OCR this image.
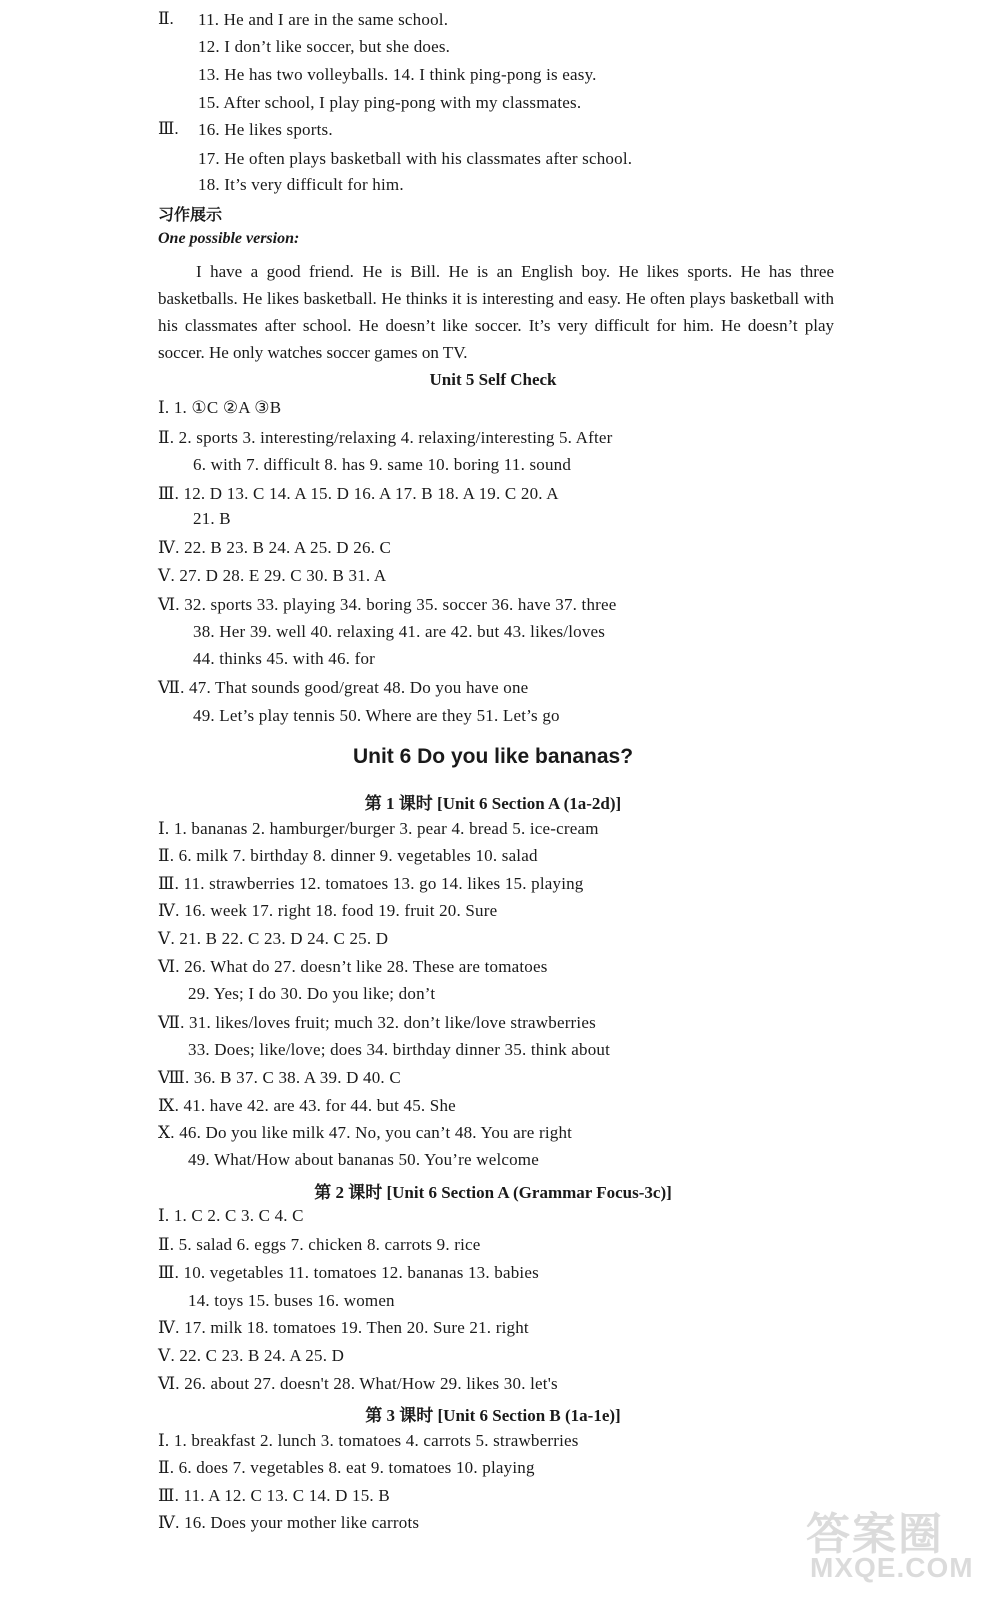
Ⅱ. 11. He and I are in the same school.
12. I don’t like soccer, but she does.
13. He has two volleyballs. 14. I think ping-pong is easy.
15. After school, I play ping-pong with my classmates.
Ⅲ. 16. He likes sports.
17. He often plays basketball with his classmates after school.
18. It’s very difficult for him.
习作展示
One possible version:
I have a good friend. He is Bill. He is an English boy. He likes sports. He has three basketballs. He likes basketball. He thinks it is interesting and easy. He often plays basketball with his classmates after school. He doesn’t like soccer. It’s very difficult for him. He doesn’t play soccer. He only watches soccer games on TV.
Unit 5 Self Check
Ⅰ. 1. ①C ②A ③B
Ⅱ. 2. sports 3. interesting/relaxing 4. relaxing/interesting 5. After
6. with 7. difficult 8. has 9. same 10. boring 11. sound
Ⅲ. 12. D 13. C 14. A 15. D 16. A 17. B 18. A 19. C 20. A
21. B
Ⅳ. 22. B 23. B 24. A 25. D 26. C
Ⅴ. 27. D 28. E 29. C 30. B 31. A
Ⅵ. 32. sports 33. playing 34. boring 35. soccer 36. have 37. three
38. Her 39. well 40. relaxing 41. are 42. but 43. likes/loves
44. thinks 45. with 46. for
Ⅶ. 47. That sounds good/great 48. Do you have one
49. Let’s play tennis 50. Where are they 51. Let’s go
Unit 6 Do you like bananas?
第 1 课时 [Unit 6 Section A (1a-2d)]
Ⅰ. 1. bananas 2. hamburger/burger 3. pear 4. bread 5. ice-cream
Ⅱ. 6. milk 7. birthday 8. dinner 9. vegetables 10. salad
Ⅲ. 11. strawberries 12. tomatoes 13. go 14. likes 15. playing
Ⅳ. 16. week 17. right 18. food 19. fruit 20. Sure
Ⅴ. 21. B 22. C 23. D 24. C 25. D
Ⅵ. 26. What do 27. doesn’t like 28. These are tomatoes
29. Yes; I do 30. Do you like; don’t
Ⅶ. 31. likes/loves fruit; much 32. don’t like/love strawberries
33. Does; like/love; does 34. birthday dinner 35. think about
Ⅷ. 36. B 37. C 38. A 39. D 40. C
Ⅸ. 41. have 42. are 43. for 44. but 45. She
Ⅹ. 46. Do you like milk 47. No, you can’t 48. You are right
49. What/How about bananas 50. You’re welcome
第 2 课时 [Unit 6 Section A (Grammar Focus-3c)]
Ⅰ. 1. C 2. C 3. C 4. C
Ⅱ. 5. salad 6. eggs 7. chicken 8. carrots 9. rice
Ⅲ. 10. vegetables 11. tomatoes 12. bananas 13. babies
14. toys 15. buses 16. women
Ⅳ. 17. milk 18. tomatoes 19. Then 20. Sure 21. right
Ⅴ. 22. C 23. B 24. A 25. D
Ⅵ. 26. about 27. doesn't 28. What/How 29. likes 30. let's
第 3 课时 [Unit 6 Section B (1a-1e)]
Ⅰ. 1. breakfast 2. lunch 3. tomatoes 4. carrots 5. strawberries
Ⅱ. 6. does 7. vegetables 8. eat 9. tomatoes 10. playing
Ⅲ. 11. A 12. C 13. C 14. D 15. B
Ⅳ. 16. Does your mother like carrots	答案圈
MXQE.COM
